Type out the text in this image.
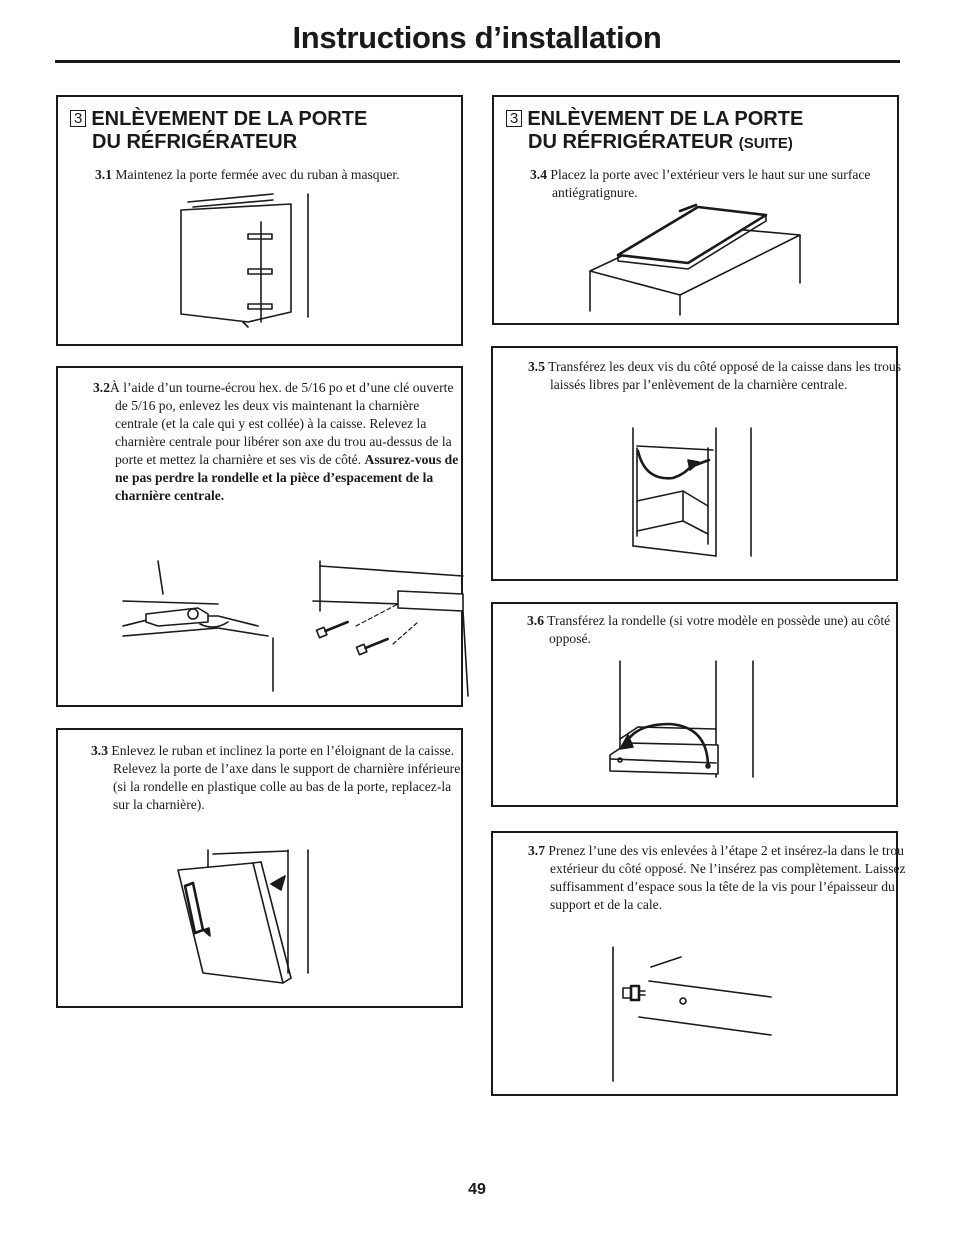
Instructions d’installation
3 ENLÈVEMENT DE LA PORTE
DU RÉFRIGÉRATEUR
3.1 Maintenez la porte fermée avec du ruban à masquer.
3.2À l’aide d’un tourne-écrou hex. de 5/16 po et d’une clé ouverte de 5/16 po, enlevez les deux vis maintenant la charnière centrale (et la cale qui y est collée) à la caisse. Relevez la charnière centrale pour libérer son axe du trou au-dessus de la porte et mettez la charnière et ses vis de côté. Assurez-vous de ne pas perdre la rondelle et la pièce d’espacement de la charnière centrale.
3.3 Enlevez le ruban et inclinez la porte en l’éloignant de la caisse. Relevez la porte de l’axe dans le support de charnière inférieure (si la rondelle en plastique colle au bas de la porte, replacez-la sur la charnière).
3 ENLÈVEMENT DE LA PORTE
DU RÉFRIGÉRATEUR (SUITE)
3.4 Placez la porte avec l’extérieur vers le haut sur une surface antiégratignure.
3.5 Transférez les deux vis du côté opposé de la caisse dans les trous laissés libres par l’enlèvement de la charnière centrale.
3.6 Transférez la rondelle (si votre modèle en possède une) au côté opposé.
3.7 Prenez l’une des vis enlevées à l’étape 2 et insérez-la dans le trou extérieur du côté opposé. Ne l’insérez pas complètement. Laissez suffisamment d’espace sous la tête de la vis pour l’épaisseur du support et de la cale.
49
